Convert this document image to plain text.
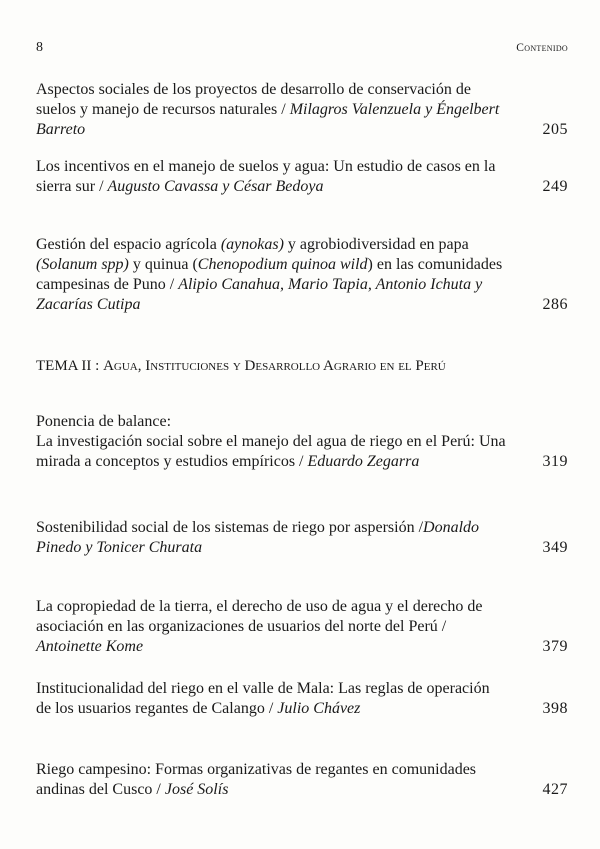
8	Contenido
Aspectos sociales de los proyectos de desarrollo de conservación de suelos y manejo de recursos naturales / Milagros Valenzuela y Éngelbert Barreto	205
Los incentivos en el manejo de suelos y agua: Un estudio de casos en la sierra sur / Augusto Cavassa y César Bedoya	249
Gestión del espacio agrícola (aynokas) y agrobiodiversidad en papa (Solanum spp) y quinua (Chenopodium quinoa wild) en las comunidades campesinas de Puno / Alipio Canahua, Mario Tapia, Antonio Ichuta y Zacarías Cutipa	286
TEMA II : Agua, Instituciones y Desarrollo Agrario en el Perú
Ponencia de balance:
La investigación social sobre el manejo del agua de riego en el Perú: Una mirada a conceptos y estudios empíricos / Eduardo Zegarra	319
Sostenibilidad social de los sistemas de riego por aspersión /Donaldo Pinedo y Tonicer Churata	349
La copropiedad de la tierra, el derecho de uso de agua y el derecho de asociación en las organizaciones de usuarios del norte del Perú / Antoinette Kome	379
Institucionalidad del riego en el valle de Mala: Las reglas de operación de los usuarios regantes de Calango / Julio Chávez	398
Riego campesino: Formas organizativas de regantes en comunidades andinas del Cusco / José Solís	427
